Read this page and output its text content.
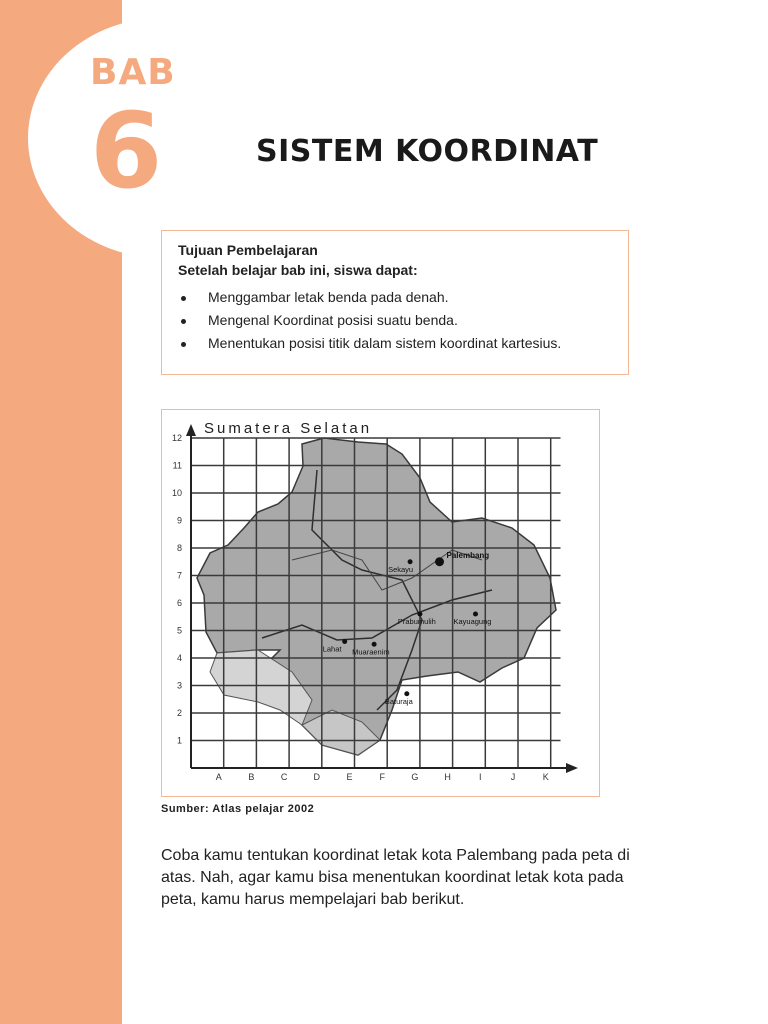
BAB
6	SISTEM KOORDINAT
Tujuan Pembelajaran
Setelah belajar bab ini, siswa dapat:
Menggambar letak benda pada denah.
Mengenal Koordinat posisi suatu benda.
Menentukan posisi titik dalam sistem koordinat kartesius.
A	B	C	D	E	F	G	H	I	J	K
1
2
3
4
5
6
7
8
9
10
11
12
Palembang
Sekayu
Prabumulih Kayuagung
Lahat Muaraenim
Baturaja
Sumatera Selatan
Sumber: Atlas pelajar 2002
Coba kamu tentukan koordinat letak kota Palembang pada peta di atas. Nah, agar kamu bisa menentukan koordinat letak kota pada peta, kamu harus mempelajari bab berikut.
